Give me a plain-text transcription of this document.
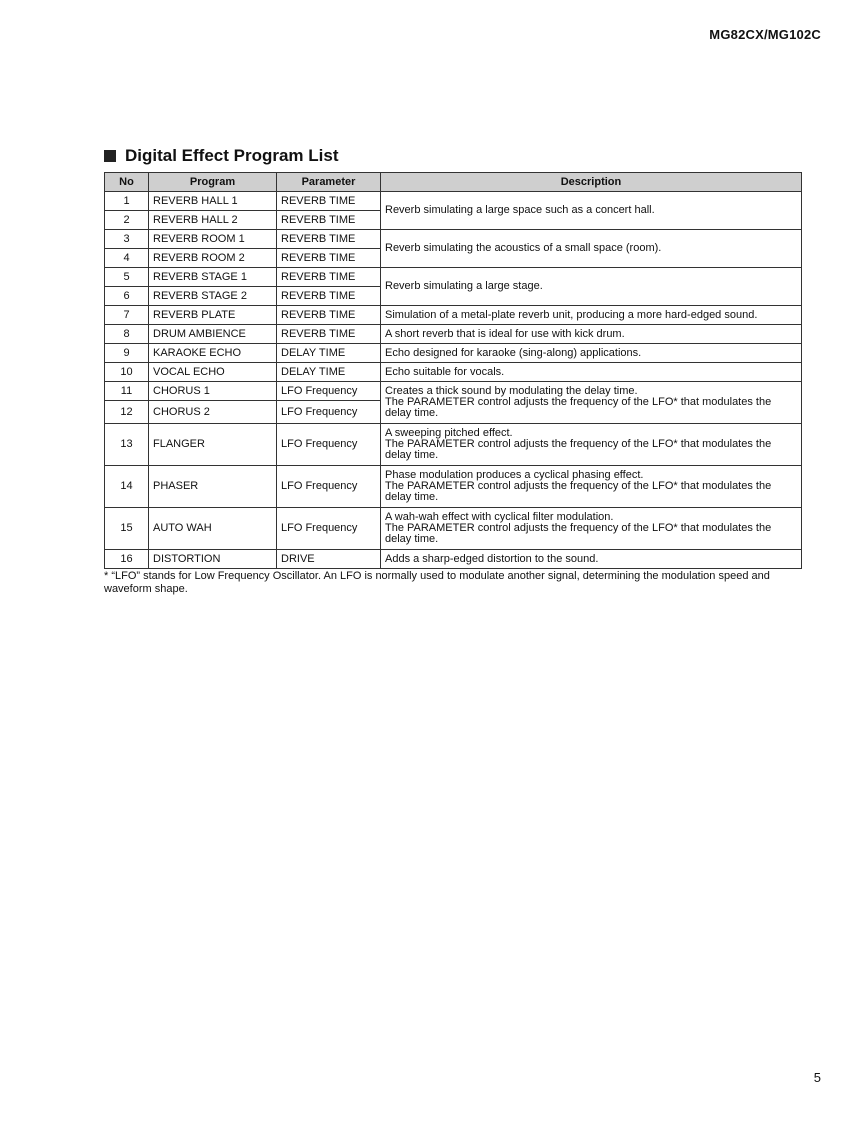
MG82CX/MG102C
Digital Effect Program List
No	Program	Parameter	Description
1	REVERB HALL 1	REVERB TIME	Reverb simulating a large space such as a concert hall.

2	REVERB HALL 2	REVERB TIME	
3	REVERB ROOM 1	REVERB TIME	Reverb simulating the acoustics of a small space (room).

4	REVERB ROOM 2	REVERB TIME	
5	REVERB STAGE 1	REVERB TIME	Reverb simulating a large stage.

6	REVERB STAGE 2	REVERB TIME	
7	REVERB PLATE	REVERB TIME	Simulation of a metal-plate reverb unit, producing a more hard-edged sound.

8	DRUM AMBIENCE	REVERB TIME	A short reverb that is ideal for use with kick drum.

9	KARAOKE ECHO	DELAY TIME	Echo designed for karaoke (sing-along) applications.

10	VOCAL ECHO	DELAY TIME	Echo suitable for vocals.

11	CHORUS 1	LFO Frequency	Creates a thick sound by modulating the delay time.
The PARAMETER control adjusts the frequency of the LFO* that modulates the
delay time.

12	CHORUS 2	LFO Frequency	
13	FLANGER	LFO Frequency	A sweeping pitched effect.
The PARAMETER control adjusts the frequency of the LFO* that modulates the
delay time.

14	PHASER	LFO Frequency	Phase modulation produces a cyclical phasing effect.
The PARAMETER control adjusts the frequency of the LFO* that modulates the
delay time.

15	AUTO WAH	LFO Frequency	A wah-wah effect with cyclical filter modulation.
The PARAMETER control adjusts the frequency of the LFO* that modulates the
delay time.

16	DISTORTION	DRIVE	Adds a sharp-edged distortion to the sound.
* “LFO” stands for Low Frequency Oscillator. An LFO is normally used to modulate another signal, determining the modulation speed and waveform shape.
5
